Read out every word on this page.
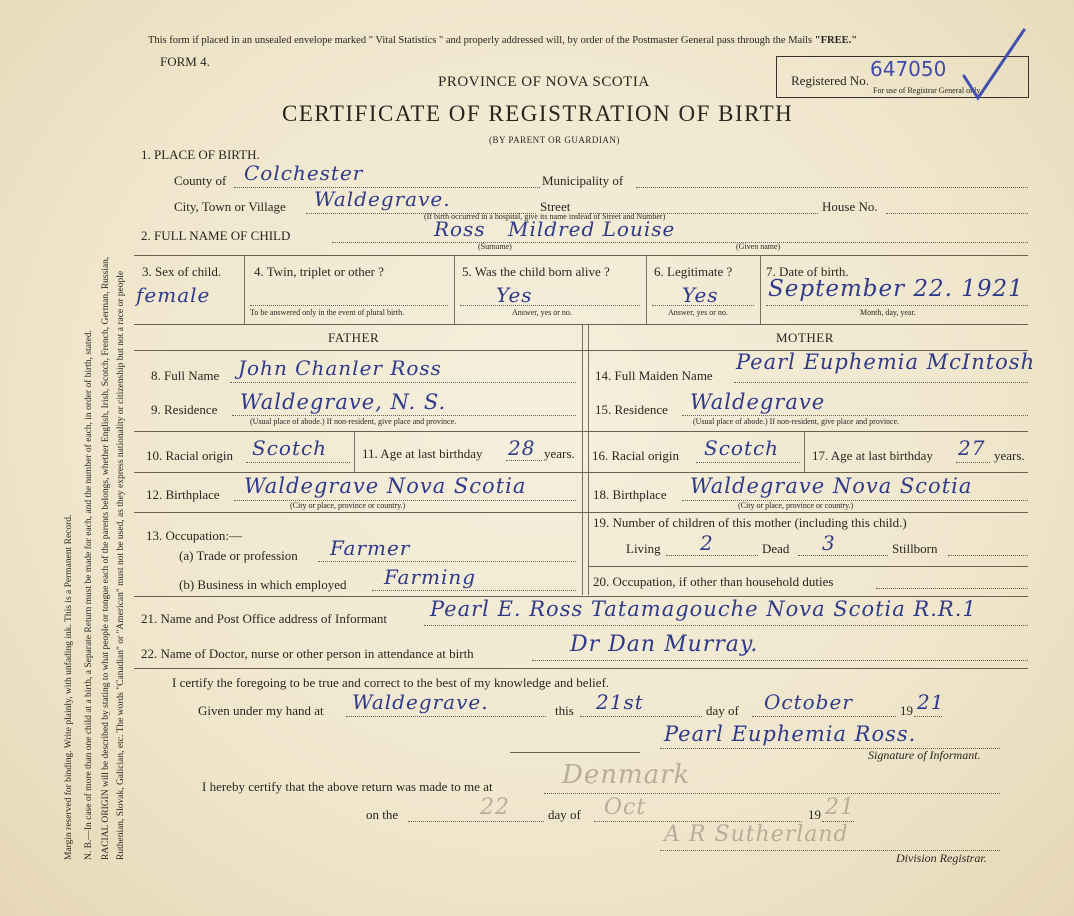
Margin reserved for binding. Write plainly, with unfading ink. This is a Permanent Record. N. B.—In case of more than one child at a birth, a Separate Return must be made for each, and the number of each, in order of birth, stated. RACIAL ORIGIN will be described by stating to what people or tongue each of the parents belongs, whether English, Irish, Scotch, French, German, Russian, Ruthenian, Slovak, Galician, etc. The words "Canadian" or "American" must not be used, as they express nationality or citizenship but not a race or people
This form if placed in an unsealed envelope marked " Vital Statistics " and properly addressed will, by order of the Postmaster General pass through the Mails "FREE."
FORM 4.
PROVINCE OF NOVA SCOTIA
CERTIFICATE OF REGISTRATION OF BIRTH
(BY PARENT OR GUARDIAN)
Registered No. 647050
For use of Registrar General only.
1. PLACE OF BIRTH.
County of Colchester	Municipality of
City, Town or Village Waldegrave.	Street	House No.
(If birth occurred in a hospital, give its name instead of Street and Number)
2. FULL NAME OF CHILD	Ross Mildred Louise
(Surname)	(Given name)
3. Sex of child.
female
4. Twin, triplet or other ?
To be answered only in the event of plural birth.
5. Was the child born alive ?
Yes
Answer, yes or no.
6. Legitimate ?
Yes
Answer, yes or no.
7. Date of birth.
September 22. 1921
Month, day, year.
FATHER	MOTHER
8. Full Name John Chanler Ross	14. Full Maiden Name
Pearl Euphemia McIntosh
9. Residence Waldegrave, N. S.
(Usual place of abode.) If non-resident, give place and province.
15. Residence Waldegrave
(Usual place of abode.) If non-resident, give place and province.
10. Racial origin Scotch	11. Age at last birthday 28 years. 16. Racial origin Scotch	17. Age at last birthday 27 years.
12. Birthplace Waldegrave Nova Scotia
(City or place, province or country.)
18. Birthplace Waldegrave Nova Scotia
(City or place, province or country.)
13. Occupation:—
(a) Trade or profession Farmer
(b) Business in which employed Farming
19. Number of children of this mother (including this child.)
Living 2	Dead 3	Stillborn
20. Occupation, if other than household duties
21. Name and Post Office address of Informant Pearl E. Ross Tatamagouche Nova Scotia R.R.1
22. Name of Doctor, nurse or other person in attendance at birth	Dr Dan Murray.
I certify the foregoing to be true and correct to the best of my knowledge and belief.
Given under my hand at Waldegrave.	this 21st	day of October	19 21
Pearl Euphemia Ross.
Signature of Informant.
I hereby certify that the above return was made to me at	Denmark
on the	22	day of Oct	19 21
A R Sutherland
Division Registrar.
